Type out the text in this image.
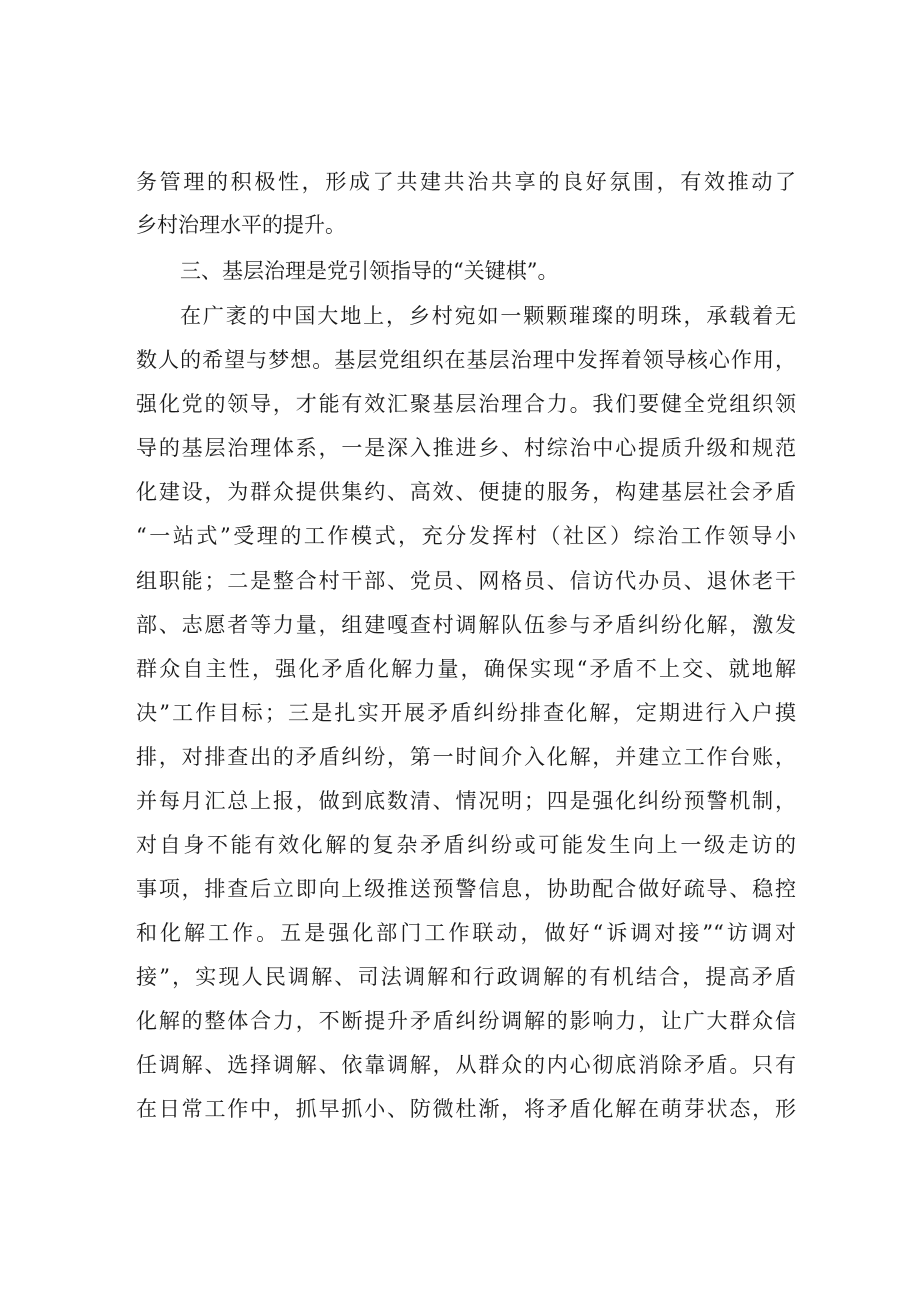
务管理的积极性，形成了共建共治共享的良好氛围，有效推动了
乡村治理水平的提升。
三、基层治理是党引领指导的“关键棋”。
在广袤的中国大地上，乡村宛如一颗颗璀璨的明珠，承载着无
数人的希望与梦想。基层党组织在基层治理中发挥着领导核心作用，
强化党的领导，才能有效汇聚基层治理合力。我们要健全党组织领
导的基层治理体系，一是深入推进乡、村综治中心提质升级和规范
化建设，为群众提供集约、高效、便捷的服务，构建基层社会矛盾
“一站式”受理的工作模式，充分发挥村（社区）综治工作领导小
组职能；二是整合村干部、党员、网格员、信访代办员、退休老干
部、志愿者等力量，组建嘎查村调解队伍参与矛盾纠纷化解，激发
群众自主性，强化矛盾化解力量，确保实现“矛盾不上交、就地解
决”工作目标；三是扎实开展矛盾纠纷排查化解，定期进行入户摸
排，对排查出的矛盾纠纷，第一时间介入化解，并建立工作台账，
并每月汇总上报，做到底数清、情况明；四是强化纠纷预警机制，
对自身不能有效化解的复杂矛盾纠纷或可能发生向上一级走访的
事项，排查后立即向上级推送预警信息，协助配合做好疏导、稳控
和化解工作。五是强化部门工作联动，做好“诉调对接”“访调对
接”，实现人民调解、司法调解和行政调解的有机结合，提高矛盾
化解的整体合力，不断提升矛盾纠纷调解的影响力，让广大群众信
任调解、选择调解、依靠调解，从群众的内心彻底消除矛盾。只有
在日常工作中，抓早抓小、防微杜渐，将矛盾化解在萌芽状态，形
